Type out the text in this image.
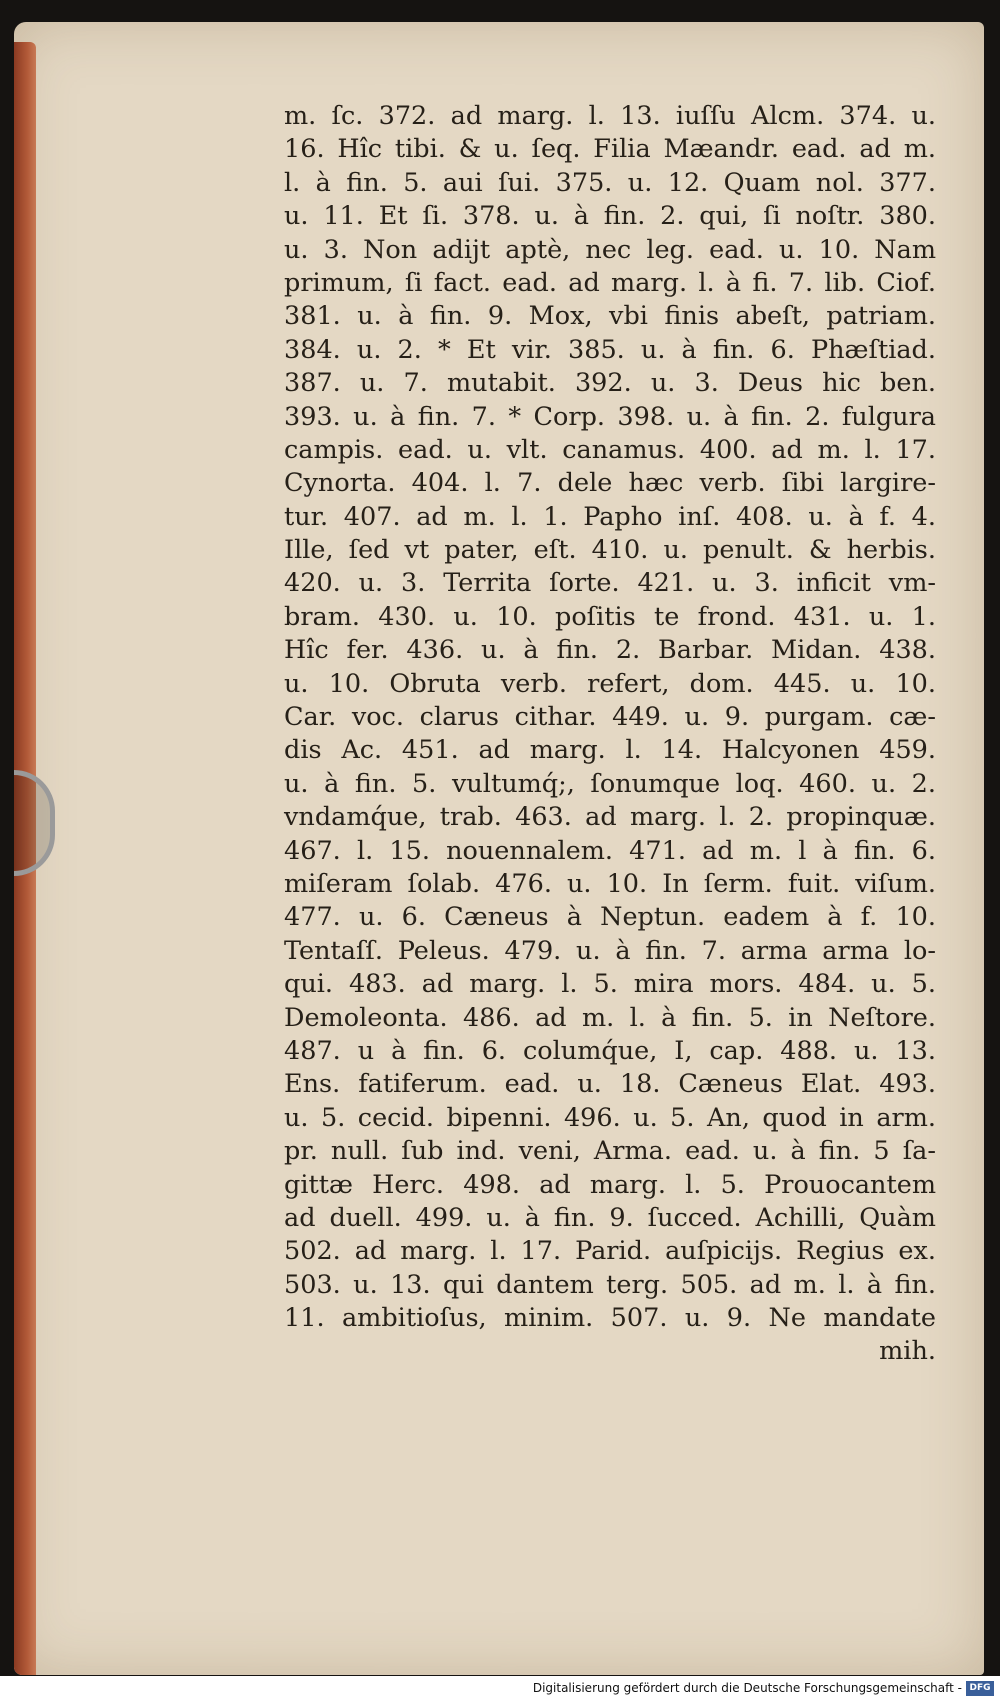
m. ſc. 372. ad marg. l. 13. iuſſu Alcm. 374. u.
16. Hîc tibi. & u. ſeq. Filia Mæandr. ead. ad m.
l. à fin. 5. aui ſui. 375. u. 12. Quam nol. 377.
u. 11. Et ſi. 378. u. à fin. 2. qui, ſi noſtr. 380.
u. 3. Non adijt aptè, nec leg. ead. u. 10. Nam
primum, ſi fact. ead. ad marg. l. à fi. 7. lib. Ciof.
381. u. à fin. 9. Mox, vbi finis abeſt, patriam.
384. u. 2. * Et vir. 385. u. à fin. 6. Phæſtiad.
387. u. 7. mutabit. 392. u. 3. Deus hic ben.
393. u. à fin. 7. * Corp. 398. u. à fin. 2. fulgura
campis. ead. u. vlt. canamus. 400. ad m. l. 17.
Cynorta. 404. l. 7. dele hæc verb. ſibi largire-
tur. 407. ad m. l. 1. Papho inſ. 408. u. à f. 4.
Ille, ſed vt pater, eſt. 410. u. penult. & herbis.
420. u. 3. Territa ſorte. 421. u. 3. inficit vm-
bram. 430. u. 10. poſitis te frond. 431. u. 1.
Hîc fer. 436. u. à fin. 2. Barbar. Midan. 438.
u. 10. Obruta verb. refert, dom. 445. u. 10.
Car. voc. clarus cithar. 449. u. 9. purgam. cæ-
dis Ac. 451. ad marg. l. 14. Halcyonen 459.
u. à fin. 5. vultumq́;, ſonumque loq. 460. u. 2.
vndamq́ue, trab. 463. ad marg. l. 2. propinquæ.
467. l. 15. nouennalem. 471. ad m. l à fin. 6.
miſeram ſolab. 476. u. 10. In ſerm. fuit. viſum.
477. u. 6. Cæneus à Neptun. eadem à f. 10.
Tentaſſ. Peleus. 479. u. à fin. 7. arma arma lo-
qui. 483. ad marg. l. 5. mira mors. 484. u. 5.
Demoleonta. 486. ad m. l. à fin. 5. in Neſtore.
487. u à fin. 6. columq́ue, I, cap. 488. u. 13.
Ens. fatiferum. ead. u. 18. Cæneus Elat. 493.
u. 5. cecid. bipenni. 496. u. 5. An, quod in arm.
pr. null. ſub ind. veni, Arma. ead. u. à fin. 5 ſa-
gittæ Herc. 498. ad marg. l. 5. Prouocantem
ad duell. 499. u. à fin. 9. ſucced. Achilli, Quàm
502. ad marg. l. 17. Parid. auſpicijs. Regius ex.
503. u. 13. qui dantem terg. 505. ad m. l. à fin.
11. ambitioſus, minim. 507. u. 9. Ne mandate
mih.
Digitalisierung gefördert durch die Deutsche Forschungsgemeinschaft - DFG
